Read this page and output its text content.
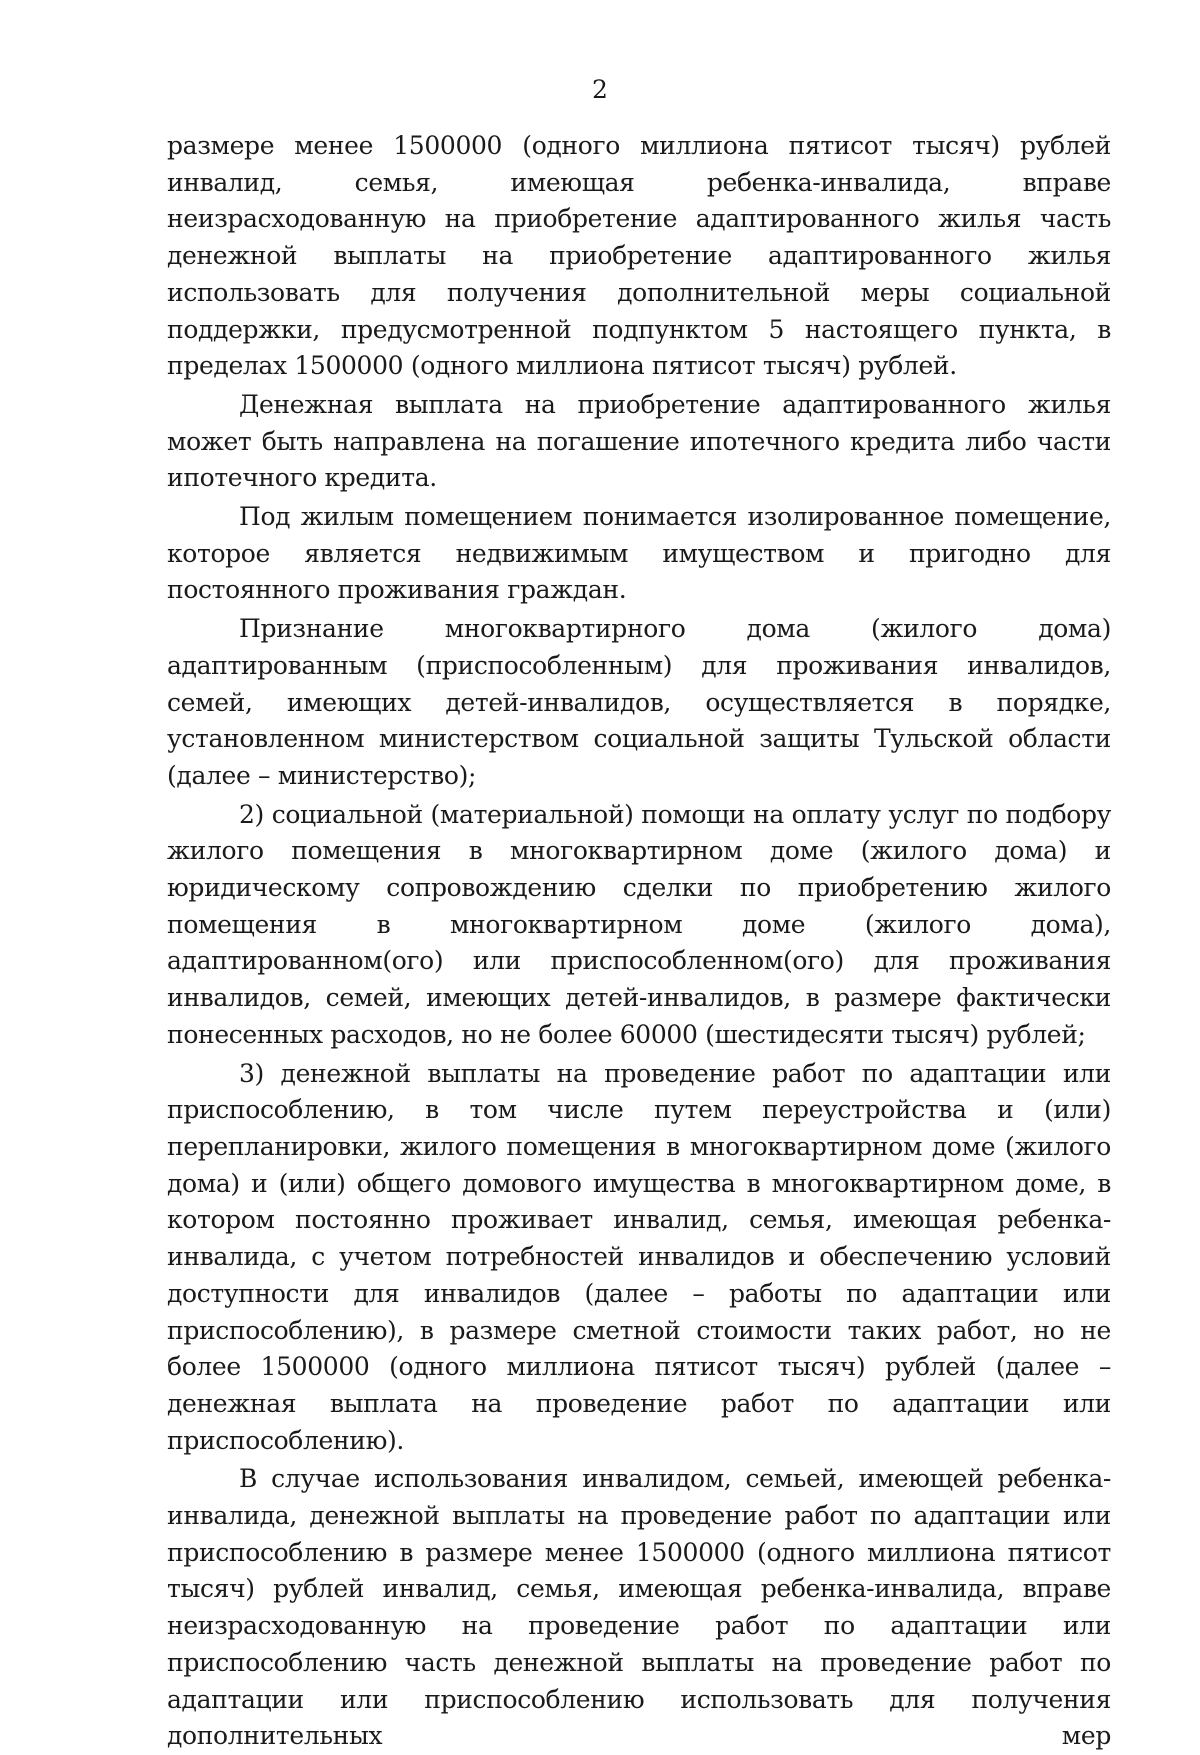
2

размере менее 1500000 (одного миллиона пятисот тысяч) рублей инвалид, семья, имеющая ребенка-инвалида, вправе неизрасходованную на приобретение адаптированного жилья часть денежной выплаты на приобретение адаптированного жилья использовать для получения дополнительной меры социальной поддержки, предусмотренной подпунктом 5 настоящего пункта, в пределах 1500000 (одного миллиона пятисот тысяч) рублей.

Денежная выплата на приобретение адаптированного жилья может быть направлена на погашение ипотечного кредита либо части ипотечного кредита.

Под жилым помещением понимается изолированное помещение, которое является недвижимым имуществом и пригодно для постоянного проживания граждан.

Признание многоквартирного дома (жилого дома) адаптированным (приспособленным) для проживания инвалидов, семей, имеющих детей-инвалидов, осуществляется в порядке, установленном министерством социальной защиты Тульской области (далее – министерство);

2) социальной (материальной) помощи на оплату услуг по подбору жилого помещения в многоквартирном доме (жилого дома) и юридическому сопровождению сделки по приобретению жилого помещения в многоквартирном доме (жилого дома), адаптированном(ого) или приспособленном(ого) для проживания инвалидов, семей, имеющих детей-инвалидов, в размере фактически понесенных расходов, но не более 60000 (шестидесяти тысяч) рублей;

3) денежной выплаты на проведение работ по адаптации или приспособлению, в том числе путем переустройства и (или) перепланировки, жилого помещения в многоквартирном доме (жилого дома) и (или) общего домового имущества в многоквартирном доме, в котором постоянно проживает инвалид, семья, имеющая ребенка-инвалида, с учетом потребностей инвалидов и обеспечению условий доступности для инвалидов (далее – работы по адаптации или приспособлению), в размере сметной стоимости таких работ, но не более 1500000 (одного миллиона пятисот тысяч) рублей (далее – денежная выплата на проведение работ по адаптации или приспособлению).

В случае использования инвалидом, семьей, имеющей ребенка-инвалида, денежной выплаты на проведение работ по адаптации или приспособлению в размере менее 1500000 (одного миллиона пятисот тысяч) рублей инвалид, семья, имеющая ребенка-инвалида, вправе неизрасходованную на проведение работ по адаптации или приспособлению часть денежной выплаты на проведение работ по адаптации или приспособлению использовать для получения дополнительных мер
